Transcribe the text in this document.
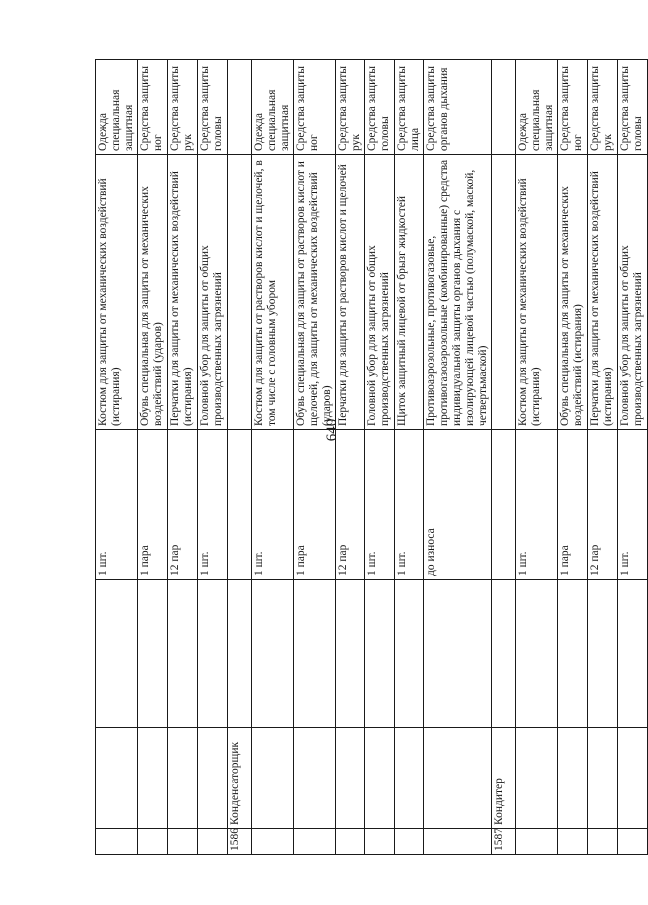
640
			1 шт.	Костюм для защиты от механических воздействий (истирания)	Одежда специальная защитная
			1 пара	Обувь специальная для защиты от механических воздействий (ударов)	Средства защиты ног
			12 пар	Перчатки для защиты от механических воздействий (истирания)	Средства защиты рук
			1 шт.	Головной убор для защиты от общих производственных загрязнений	Средства защиты головы
1586	Конденсаторщик				
			1 шт.	Костюм для защиты от растворов кислот и щелочей, в том числе с головным убором	Одежда специальная защитная
			1 пара	Обувь специальная для защиты от растворов кислот и щелочей, для защиты от механических воздействий (ударов)	Средства защиты ног
			12 пар	Перчатки для защиты от растворов кислот и щелочей	Средства защиты рук
			1 шт.	Головной убор для защиты от общих производственных загрязнений	Средства защиты головы
			1 шт.	Щиток защитный лицевой от брызг жидкостей	Средства защиты лица
			до износа	Противоаэрозольные, противогазовые, противогазоаэрозольные (комбинированные) средства индивидуальной защиты органов дыхания с изолирующей лицевой частью (полумаской, маской, четвертьмаской)	Средства защиты органов дыхания
1587	Кондитер				
			1 шт.	Костюм для защиты от механических воздействий (истирания)	Одежда специальная защитная
			1 пара	Обувь специальная для защиты от механических воздействий (истирания)	Средства защиты ног
			12 пар	Перчатки для защиты от механических воздействий (истирания)	Средства защиты рук
			1 шт.	Головной убор для защиты от общих производственных загрязнений	Средства защиты головы
